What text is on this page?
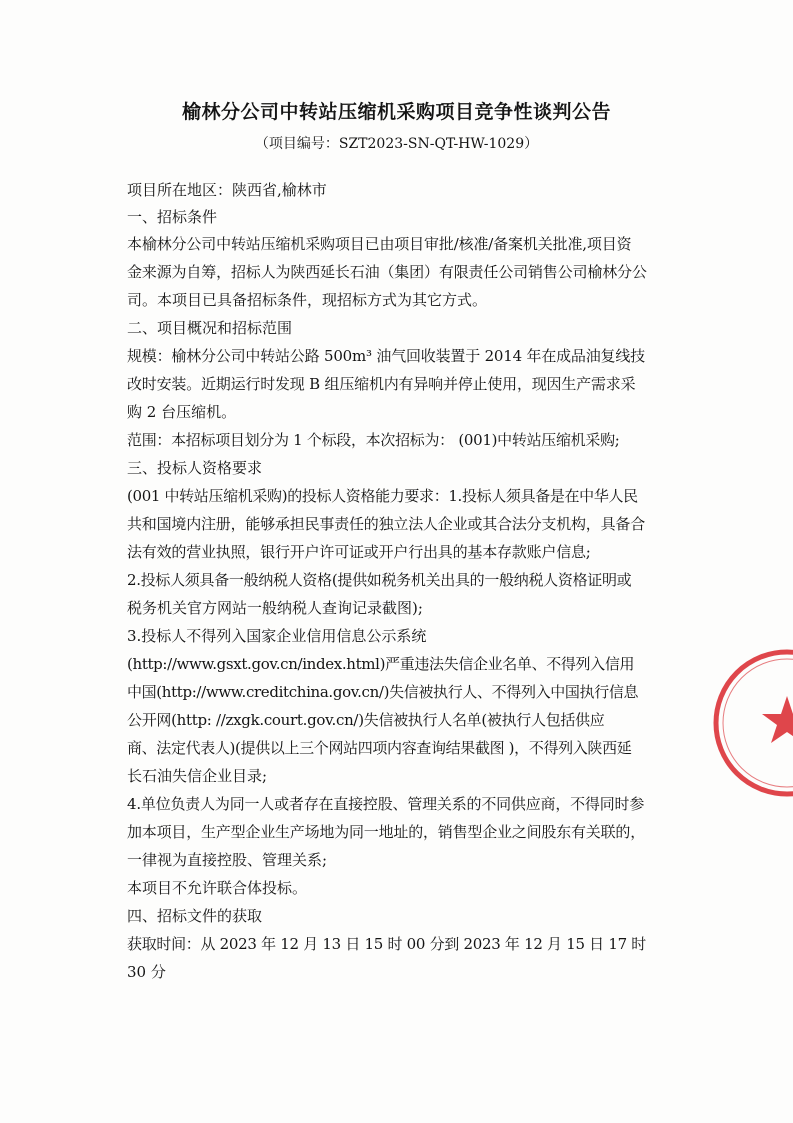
榆林分公司中转站压缩机采购项目竞争性谈判公告
（项目编号：SZT2023-SN-QT-HW-1029）
项目所在地区：陕西省,榆林市
一、招标条件
本榆林分公司中转站压缩机采购项目已由项目审批/核准/备案机关批准,项目资
金来源为自筹，招标人为陕西延长石油（集团）有限责任公司销售公司榆林分公
司。本项目已具备招标条件，现招标方式为其它方式。
二、项目概况和招标范围
规模：榆林分公司中转站公路 500m³ 油气回收装置于 2014 年在成品油复线技
改时安装。近期运行时发现 B 组压缩机内有异响并停止使用，现因生产需求采
购 2 台压缩机。
范围：本招标项目划分为 1 个标段，本次招标为： (001)中转站压缩机采购;
三、投标人资格要求
(001 中转站压缩机采购)的投标人资格能力要求：1.投标人须具备是在中华人民
共和国境内注册，能够承担民事责任的独立法人企业或其合法分支机构，具备合
法有效的营业执照，银行开户许可证或开户行出具的基本存款账户信息;
2.投标人须具备一般纳税人资格(提供如税务机关出具的一般纳税人资格证明或
税务机关官方网站一般纳税人查询记录截图);
3.投标人不得列入国家企业信用信息公示系统
(http://www.gsxt.gov.cn/index.html)严重违法失信企业名单、不得列入信用
中国(http://www.creditchina.gov.cn/)失信被执行人、不得列入中国执行信息
公开网(http: //zxgk.court.gov.cn/)失信被执行人名单(被执行人包括供应
商、法定代表人)(提供以上三个网站四项内容查询结果截图 )，不得列入陕西延
长石油失信企业目录;
4.单位负责人为同一人或者存在直接控股、管理关系的不同供应商，不得同时参
加本项目，生产型企业生产场地为同一地址的，销售型企业之间股东有关联的，
一律视为直接控股、管理关系;
本项目不允许联合体投标。
四、招标文件的获取
获取时间：从 2023 年 12 月 13 日 15 时 00 分到 2023 年 12 月 15 日 17 时
30 分
